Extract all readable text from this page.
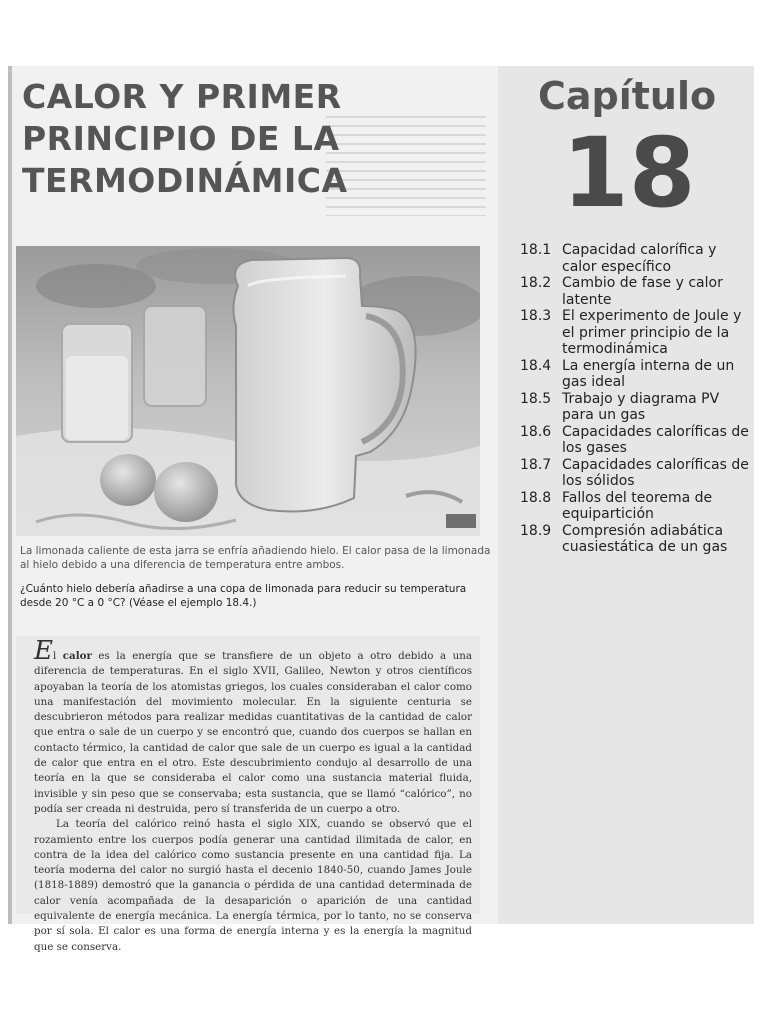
CALOR Y PRIMER PRINCIPIO DE LA TERMODINÁMICA
Capítulo
18
18.1 Capacidad calorífica y calor específico
18.2 Cambio de fase y calor latente
18.3 El experimento de Joule y el primer principio de la termodinámica
18.4 La energía interna de un gas ideal
18.5 Trabajo y diagrama PV para un gas
18.6 Capacidades caloríficas de los gases
18.7 Capacidades caloríficas de los sólidos
18.8 Fallos del teorema de equipartición
18.9 Compresión adiabática cuasiestática de un gas

La limonada caliente de esta jarra se enfría añadiendo hielo. El calor pasa de la limonada al hielo debido a una diferencia de temperatura entre ambos.

¿Cuánto hielo debería añadirse a una copa de limonada para reducir su temperatura desde 20 °C a 0 °C? (Véase el ejemplo 18.4.)

El calor es la energía que se transfiere de un objeto a otro debido a una diferencia de temperaturas. En el siglo XVII, Galileo, Newton y otros científicos apoyaban la teoría de los atomistas griegos, los cuales consideraban el calor como una manifestación del movimiento molecular. En la siguiente centuria se descubrieron métodos para realizar medidas cuantitativas de la cantidad de calor que entra o sale de un cuerpo y se encontró que, cuando dos cuerpos se hallan en contacto térmico, la cantidad de calor que sale de un cuerpo es igual a la cantidad de calor que entra en el otro. Este descubrimiento condujo al desarrollo de una teoría en la que se consideraba el calor como una sustancia material fluida, invisible y sin peso que se conservaba; esta sustancia, que se llamó “calórico”, no podía ser creada ni destruida, pero sí transferida de un cuerpo a otro.

La teoría del calórico reinó hasta el siglo XIX, cuando se observó que el rozamiento entre los cuerpos podía generar una cantidad ilimitada de calor, en contra de la idea del calórico como sustancia presente en una cantidad fija. La teoría moderna del calor no surgió hasta el decenio 1840-50, cuando James Joule (1818-1889) demostró que la ganancia o pérdida de una cantidad determinada de calor venía acompañada de la desaparición o aparición de una cantidad equivalente de energía mecánica. La energía térmica, por lo tanto, no se conserva por sí sola. El calor es una forma de energía interna y es la energía la magnitud que se conserva.
